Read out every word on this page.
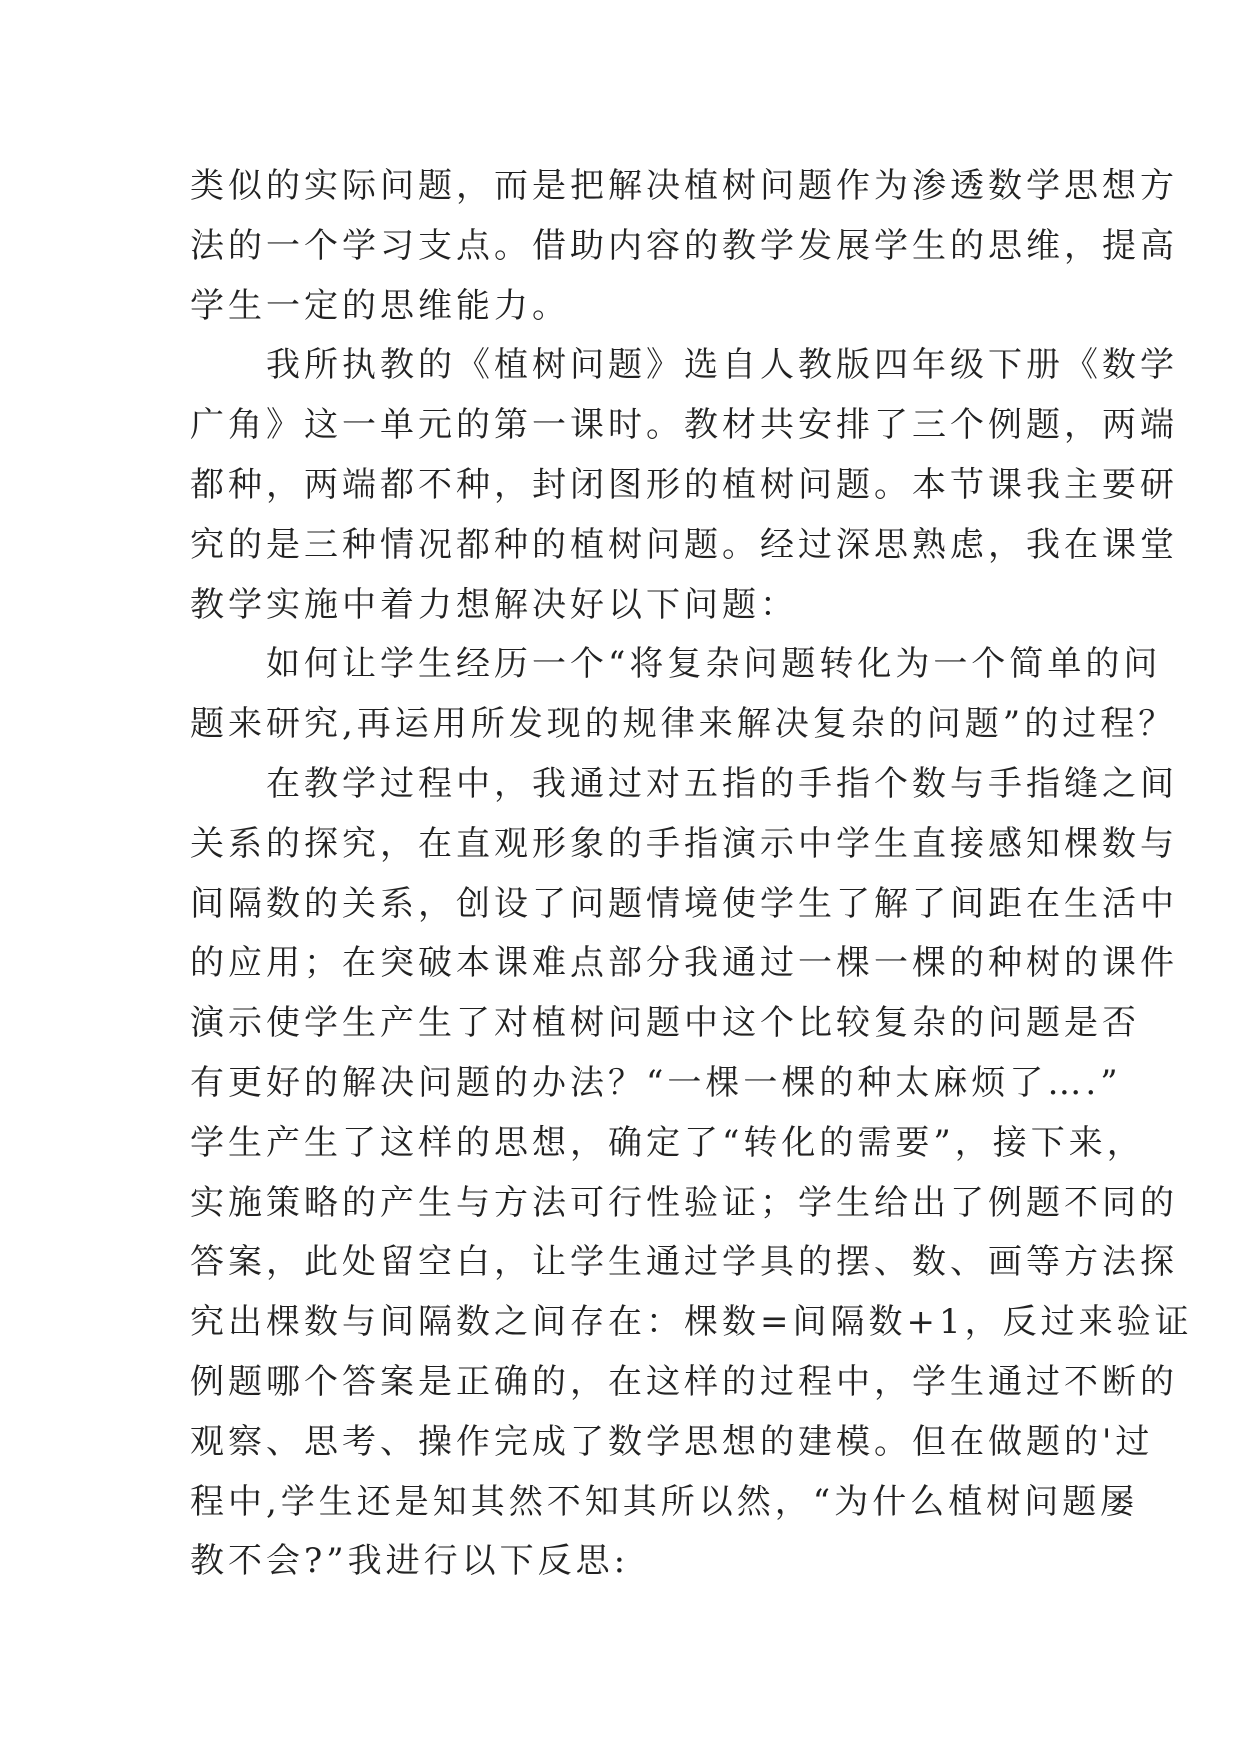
类似的实际问题，而是把解决植树问题作为渗透数学思想方
法的一个学习支点。借助内容的教学发展学生的思维，提高
学生一定的思维能力。
我所执教的《植树问题》选自人教版四年级下册《数学
广角》这一单元的第一课时。教材共安排了三个例题，两端
都种，两端都不种，封闭图形的植树问题。本节课我主要研
究的是三种情况都种的植树问题。经过深思熟虑，我在课堂
教学实施中着力想解决好以下问题：
如何让学生经历一个“将复杂问题转化为一个简单的问
题来研究,再运用所发现的规律来解决复杂的问题”的过程？
在教学过程中，我通过对五指的手指个数与手指缝之间
关系的探究，在直观形象的手指演示中学生直接感知棵数与
间隔数的关系，创设了问题情境使学生了解了间距在生活中
的应用；在突破本课难点部分我通过一棵一棵的种树的课件
演示使学生产生了对植树问题中这个比较复杂的问题是否
有更好的解决问题的办法？“一棵一棵的种太麻烦了….”
学生产生了这样的思想，确定了“转化的需要”，接下来，
实施策略的产生与方法可行性验证；学生给出了例题不同的
答案，此处留空白，让学生通过学具的摆、数、画等方法探
究出棵数与间隔数之间存在：棵数=间隔数+1，反过来验证
例题哪个答案是正确的，在这样的过程中，学生通过不断的
观察、思考、操作完成了数学思想的建模。但在做题的'过
程中,学生还是知其然不知其所以然，“为什么植树问题屡
教不会?”我进行以下反思:
